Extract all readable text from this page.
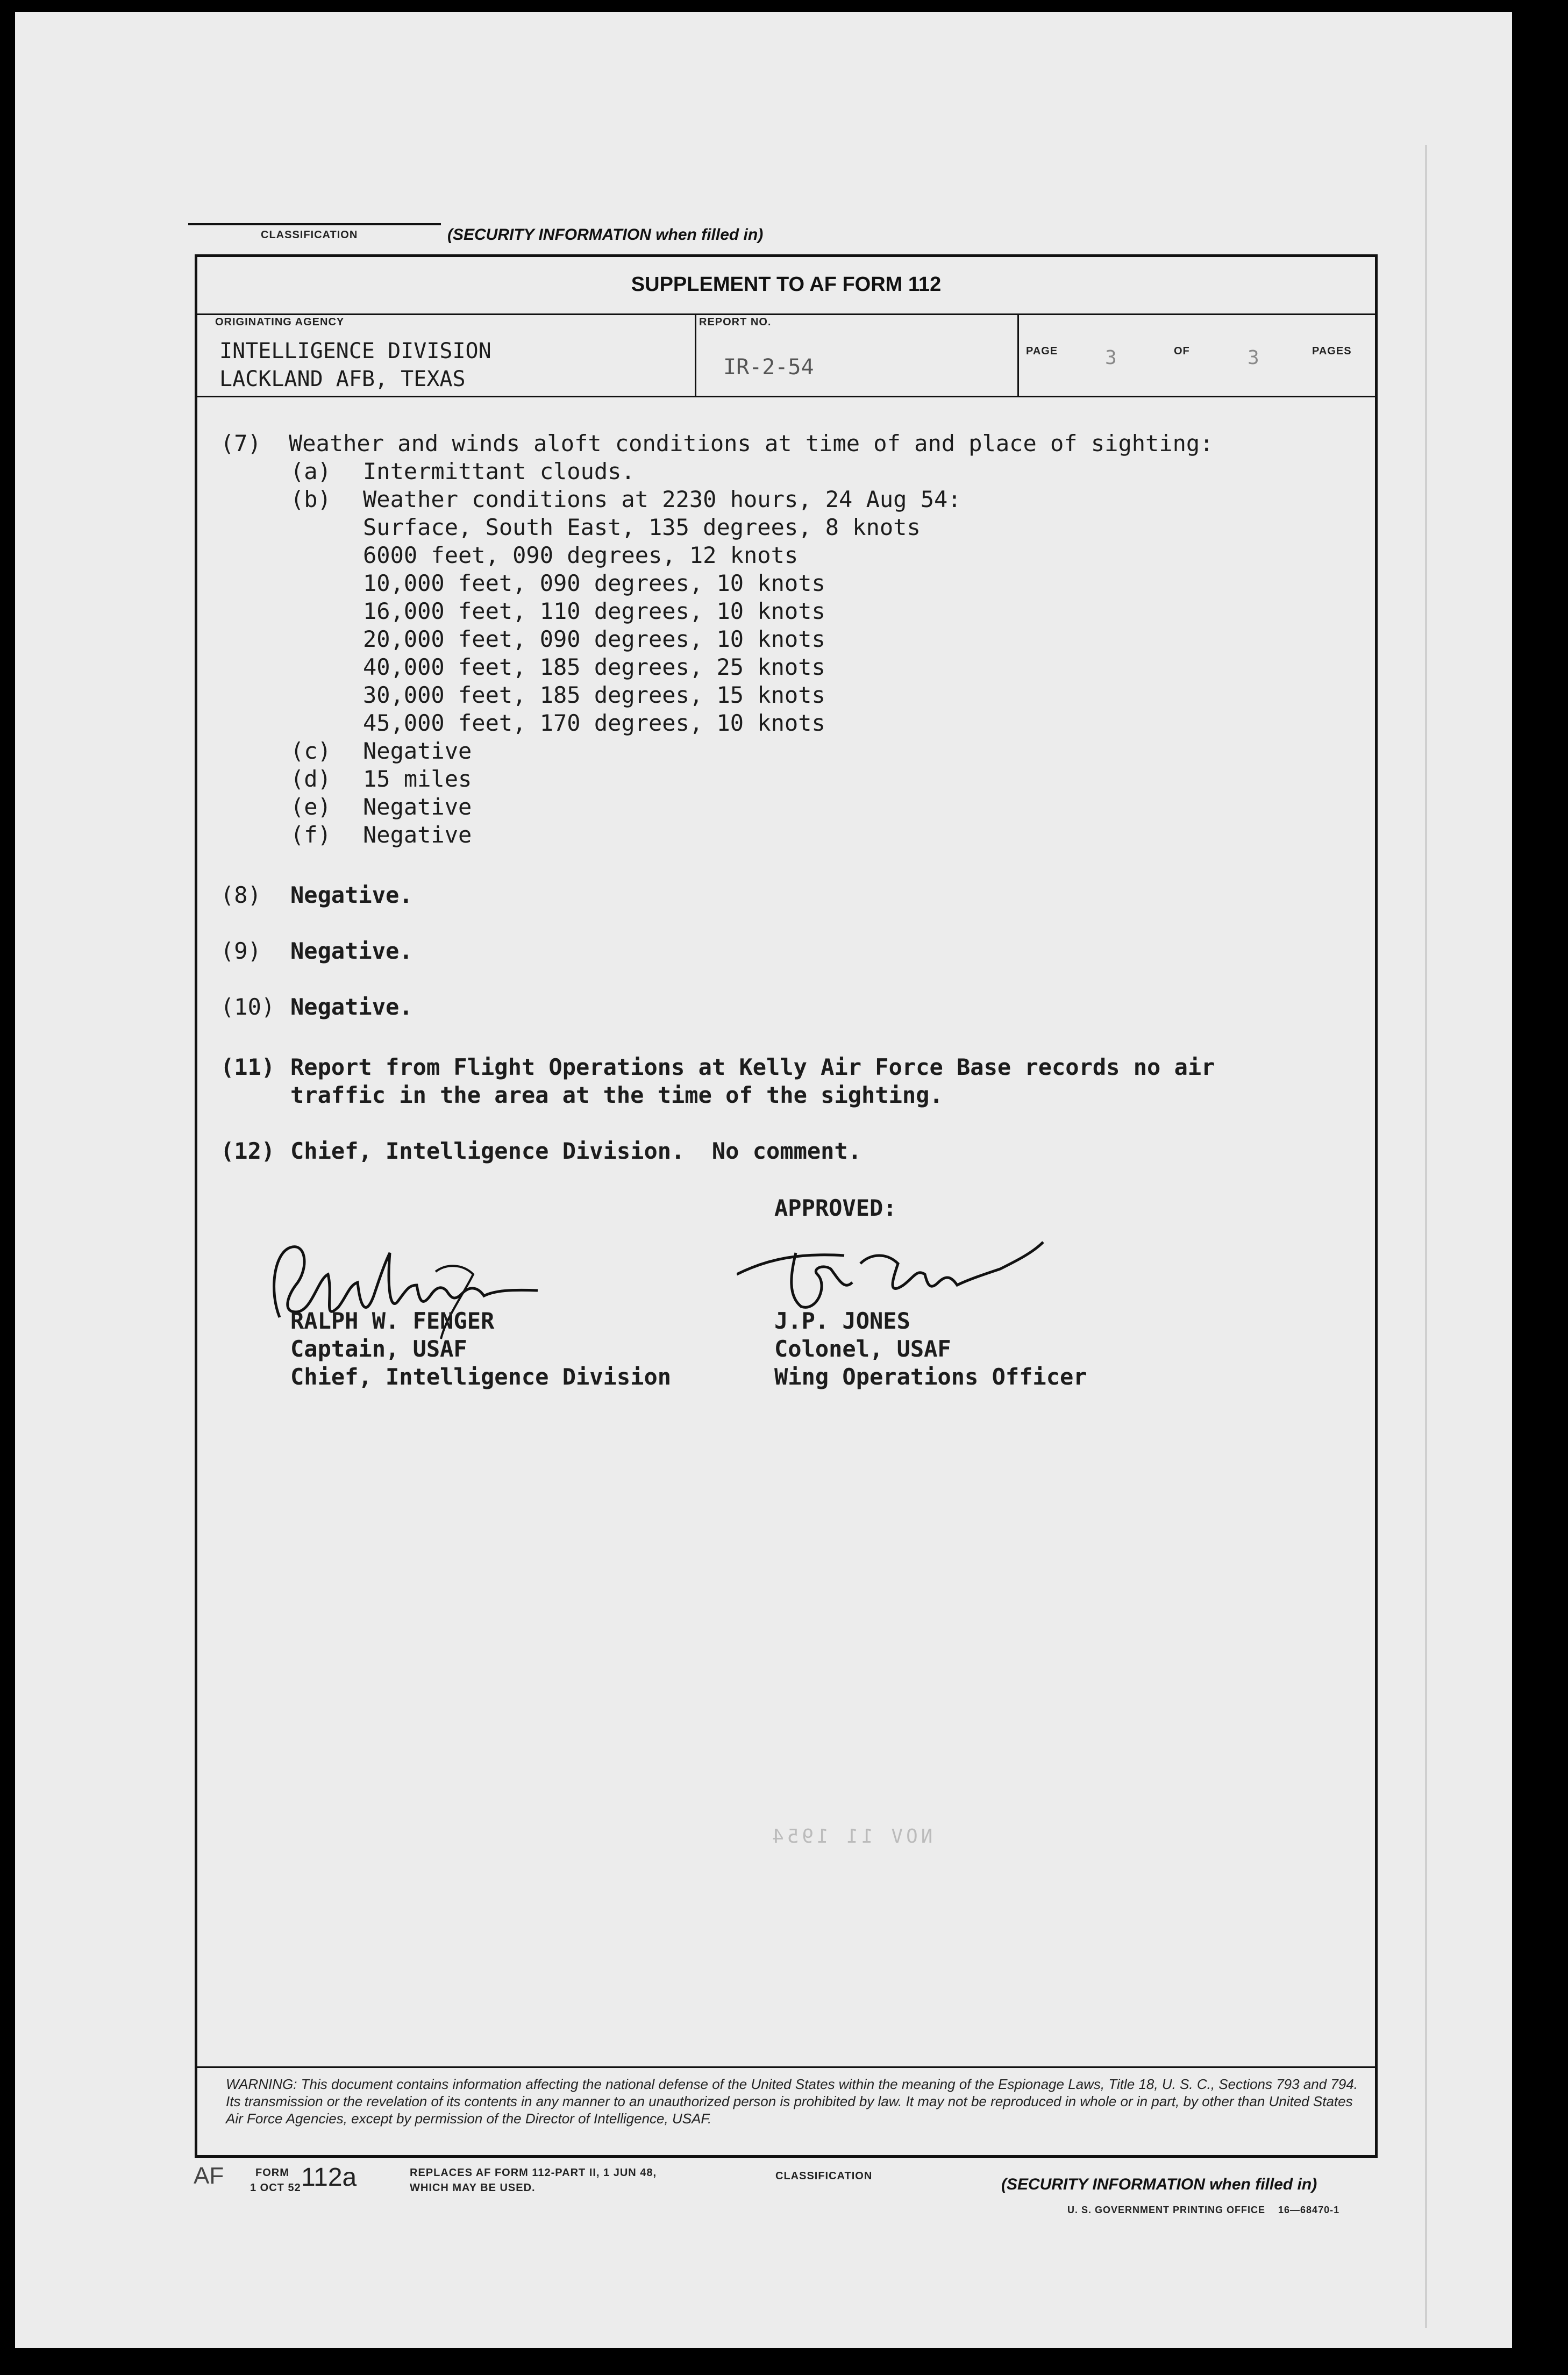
CLASSIFICATION	(SECURITY INFORMATION when filled in)
SUPPLEMENT TO AF FORM 112
ORIGINATING AGENCY
INTELLIGENCE DIVISION
LACKLAND AFB, TEXAS
REPORT NO.
IR-2-54
PAGE 3	OF	3	PAGES
(7) Weather and winds aloft conditions at time of and place of sighting:
(a) Intermittant clouds.
(b) Weather conditions at 2230 hours, 24 Aug 54:
Surface, South East, 135 degrees, 8 knots
6000 feet, 090 degrees, 12 knots
10,000 feet, 090 degrees, 10 knots
16,000 feet, 110 degrees, 10 knots
20,000 feet, 090 degrees, 10 knots
40,000 feet, 185 degrees, 25 knots
30,000 feet, 185 degrees, 15 knots
45,000 feet, 170 degrees, 10 knots
(c) Negative
(d) 15 miles
(e) Negative
(f) Negative
(8) Negative.
(9) Negative.
(10) Negative.
(11) Report from Flight Operations at Kelly Air Force Base records no air
traffic in the area at the time of the sighting.
(12) Chief, Intelligence Division.  No comment.
APPROVED:
RALPH W. FENGER
Captain, USAF
Chief, Intelligence Division
J.P. JONES
Colonel, USAF
Wing Operations Officer
NOV 11 1954
WARNING: This document contains information affecting the national defense of the United States within the meaning of the Espionage Laws, Title 18, U. S. C., Sections 793 and 794. Its transmission or the revelation of its contents in any manner to an unauthorized person is prohibited by law. It may not be reproduced in whole or in part, by other than United States Air Force Agencies, except by permission of the Director of Intelligence, USAF.
AF	FORM
1 OCT 52 112a	REPLACES AF FORM 112-PART II, 1 JUN 48,
WHICH MAY BE USED.
CLASSIFICATION	(SECURITY INFORMATION when filled in)
U. S. GOVERNMENT PRINTING OFFICE    16—68470-1
